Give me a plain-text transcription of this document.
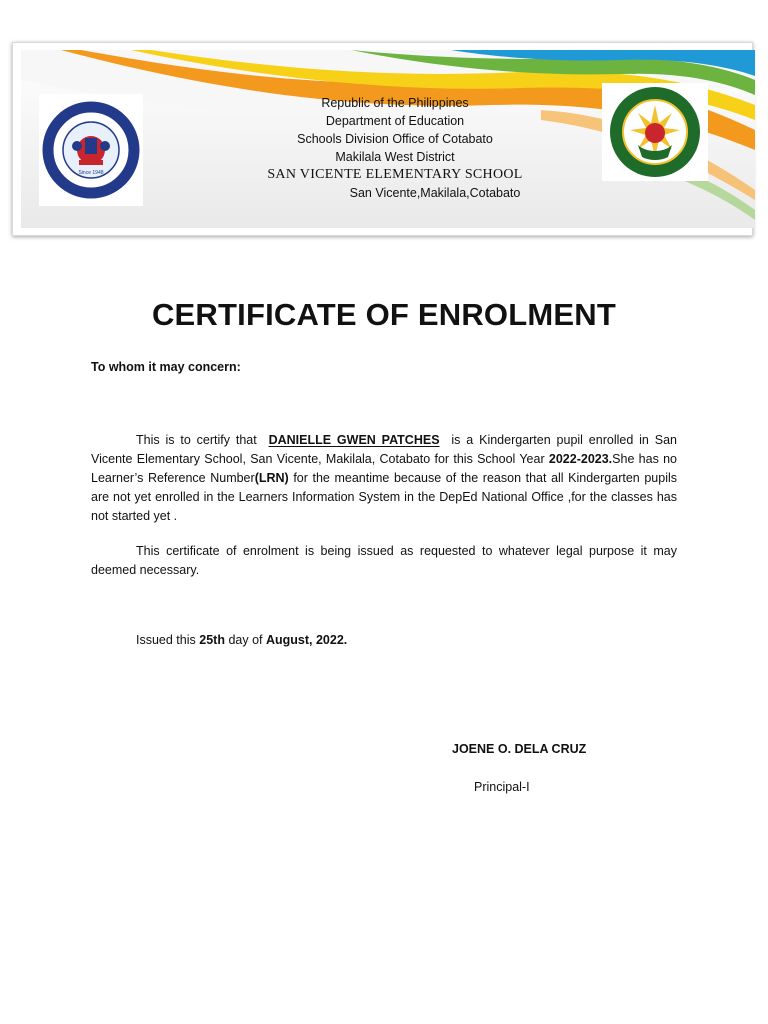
Since 1948
Republic of the Philippines
Department of Education
Schools Division Office of Cotabato
Makilala West District
SAN VICENTE ELEMENTARY SCHOOL
San Vicente,Makilala,Cotabato
CERTIFICATE OF ENROLMENT
To whom it may concern:

This is to certify that DANIELLE GWEN PATCHES is a Kindergarten pupil enrolled in San Vicente Elementary School, San Vicente, Makilala, Cotabato for this School Year 2022-2023.She has no Learner’s Reference Number(LRN) for the meantime because of the reason that all Kindergarten pupils are not yet enrolled in the Learners Information System in the DepEd National Office ,for the classes has not started yet .

This certificate of enrolment is being issued as requested to whatever legal purpose it may deemed necessary.

Issued this 25th day of August, 2022.
JOENE O. DELA CRUZ
Principal-I
